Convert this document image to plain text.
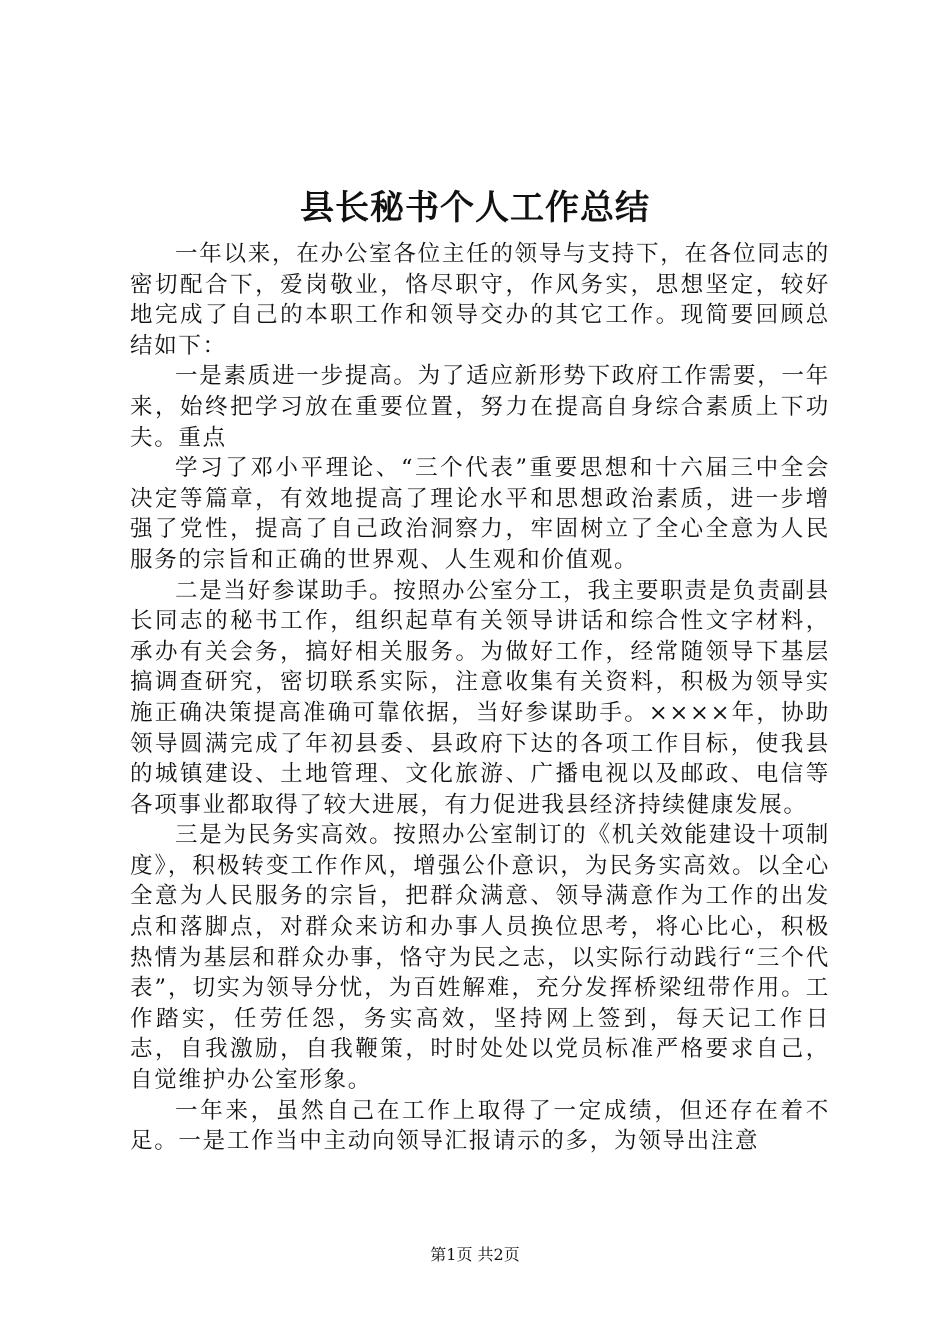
县长秘书个人工作总结

一年以来，在办公室各位主任的领导与支持下，在各位同志的密切配合下，爱岗敬业，恪尽职守，作风务实，思想坚定，较好地完成了自己的本职工作和领导交办的其它工作。现简要回顾总结如下：

一是素质进一步提高。为了适应新形势下政府工作需要，一年来，始终把学习放在重要位置，努力在提高自身综合素质上下功夫。重点

学习了邓小平理论、“三个代表”重要思想和十六届三中全会决定等篇章，有效地提高了理论水平和思想政治素质，进一步增强了党性，提高了自己政治洞察力，牢固树立了全心全意为人民服务的宗旨和正确的世界观、人生观和价值观。

二是当好参谋助手。按照办公室分工，我主要职责是负责副县长同志的秘书工作，组织起草有关领导讲话和综合性文字材料，承办有关会务，搞好相关服务。为做好工作，经常随领导下基层搞调查研究，密切联系实际，注意收集有关资料，积极为领导实施正确决策提高准确可靠依据，当好参谋助手。××××年，协助领导圆满完成了年初县委、县政府下达的各项工作目标，使我县的城镇建设、土地管理、文化旅游、广播电视以及邮政、电信等各项事业都取得了较大进展，有力促进我县经济持续健康发展。

三是为民务实高效。按照办公室制订的《机关效能建设十项制度》，积极转变工作作风，增强公仆意识，为民务实高效。以全心全意为人民服务的宗旨，把群众满意、领导满意作为工作的出发点和落脚点，对群众来访和办事人员换位思考，将心比心，积极热情为基层和群众办事，恪守为民之志，以实际行动践行“三个代表”，切实为领导分忧，为百姓解难，充分发挥桥梁纽带作用。工作踏实，任劳任怨，务实高效，坚持网上签到，每天记工作日志，自我激励，自我鞭策，时时处处以党员标准严格要求自己，自觉维护办公室形象。

一年来，虽然自己在工作上取得了一定成绩，但还存在着不足。一是工作当中主动向领导汇报请示的多，为领导出注意

第1页 共2页
